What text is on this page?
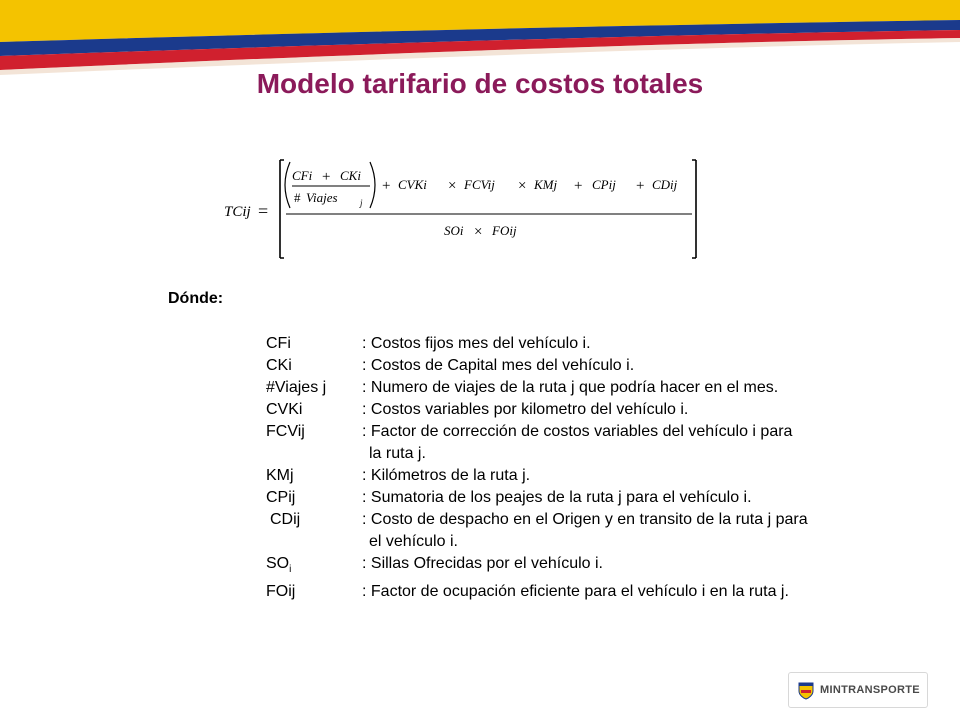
Modelo tarifario de costos totales
TCij =
CFi + CKi
# Viajes j
+ CVKi × FCVij × KMj + CPij + CDij
SOi × FOij
Dónde:
CFi	: Costos fijos mes del vehículo i.
CKi	: Costos de Capital mes del vehículo i.
#Viajes j	: Numero de viajes de la ruta j que podría hacer en el mes.
CVKi	: Costos variables por kilometro del vehículo i.
FCVij	: Factor de corrección de costos variables del vehículo i para
la ruta j.
KMj	: Kilómetros de la ruta j.
CPij	: Sumatoria de los peajes de la ruta j para el vehículo i.
CDij	: Costo de despacho en el Origen y en transito de la ruta j para
el vehículo i.
$SO_i$	: Sillas Ofrecidas por el vehículo i.
FOij	: Factor de ocupación eficiente para el vehículo i en la ruta j.
MINTRANSPORTE
